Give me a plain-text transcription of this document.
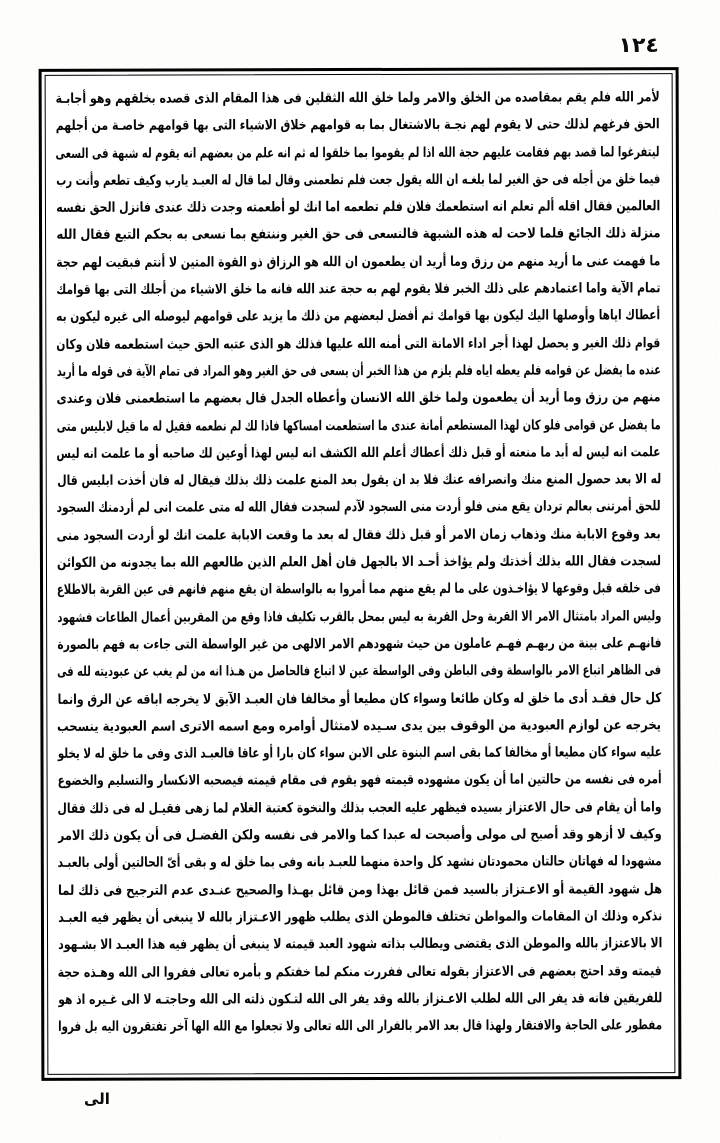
١٢٤
لأمر الله فلم يقم بمقاصده من الخلق والامر ولما خلق الله الثقلين فى هذا المقام الذى قصده بخلقهم وهو أجابـة
الحق فرغهم لذلك حتى لا يقوم لهم نجـة بالاشتغال بما به قوامهم خلاق الاشياء التى بها قوامهم خاصـة من أجلهم
ليتفرغوا لما قصد بهم فقامت عليهم حجة الله اذا لم يقوموا بما خلقوا له ثم انه علم من بعضهم انه يقوم له شبهة فى السعى
فيما خلق من أجله فى حق الغير لما بلغـه ان الله يقول جعت فلم تطعمنى وقال لما قال له العبـد يارب وكيف تطعم وأنت رب
العالمين فقال اقله ألم تعلم انه استطعمك فلان فلم تطعمه اما انك لو أطعمته وجدت ذلك عندى فانزل الحق نفسه
منزلة ذلك الجائع فلما لاحت له هذه الشبهة فالنسعى فى حق الغير وننتفع بما نسعى به بحكم التبع فقال الله
ما فهمت عنى ما أريد منهم من رزق وما أريد ان يطعمون ان الله هو الرزاق ذو القوة المتين لا أنتم فبقيت لهم حجة
تمام الآية واما اعتمادهم على ذلك الخبر فلا يقوم لهم به حجة عند الله فانه ما خلق الاشياء من أجلك التى بها قوامك
أعطاك اياها وأوصلها اليك ليكون بها قوامك ثم أفضل لبعضهم من ذلك ما يزيد على قوامهم ليوصله الى غيره ليكون به
قوام ذلك الغير و يحصل لهذا أجر اداء الامانة التى أمنه الله عليها فذلك هو الذى عتبه الحق حيث استطعمه فلان وكان
عنده ما يفضل عن قوامه فلم يعطه اياه فلم يلزم من هذا الخبر أن يسعى فى حق الغير وهو المراد فى تمام الآية فى قوله ما أريد
منهم من رزق وما أريد أن يطعمون ولما خلق الله الانسان وأعطاه الجدل قال بعضهم ما استطعمنى فلان وعندى
ما يفضل عن قوامى فلو كان لهذا المستطعم أمانة عندى ما استطعمت امساكها فاذا لك لم نطعمه فقيل له ما قيل لابليس متى
علمت انه ليس له أبد ما منعته أو قبل ذلك أعطاك أعلم الله الكشف انه ليس لهذا أوعين لك صاحبه أو ما علمت انه ليس
له الا بعد حصول المنع منك وانصرافه عنك فلا بد ان يقول بعد المنع علمت ذلك بذلك فيقال له فان أخذت ابليس قال
للحق أمرتنى بعالم تردان يقع منى فلو أردت منى السجود لآدم لسجدت فقال الله له متى علمت انى لم أردمنك السجود
بعد وقوع الابابة منك وذهاب زمان الامر أو قبل ذلك فقال له بعد ما وقعت الابابة علمت انك لو أردت السجود منى
لسجدت فقال الله بذلك أخذتك ولم يؤاخذ أحـد الا بالجهل فان أهل العلم الذين طالعهم الله بما يجدونه من الكوائن
فى خلقه قبل وقوعها لا يؤاخـذون على ما لم يقع منهم مما أمروا به بالواسطة ان يقع منهم فانهم فى عين القربة بالاطلاع
وليس المراد بامتثال الامر الا القربة وحل القربة به ليس بمحل بالقرب تكليف فاذا وقع من المقربين أعمال الطاعات فشهود
فانهـم على بينة من ربهـم فهـم عاملون من حيث شهودهم الامر الالهى من غير الواسطة التى جاءت به فهم بالصورة
فى الظاهر اتباع الامر بالواسطة وفى الباطن وفى الواسطة عين لا اتباع فالحاصل من هـذا انه من لم يغب عن عبوديته لله فى
كل حال فقـد أدى ما خلق له وكان طائعا وسواء كان مطيعا أو مخالفا فان العبـد الآبق لا يخرجه اباقه عن الرق وانما
يخرجه عن لوازم العبودية من الوقوف بين يدى سـيده لامتثال أوامره ومع اسمه الاترى اسم العبودية ينسحب
عليه سواء كان مطيعا أو مخالفا كما بقى اسم البنوة على الابن سواء كان بارا أو عاقا فالعبـد الذى وفى ما خلق له لا يخلو
أمره فى نفسه من حالتين اما أن يكون مشهوده قيمته فهو يقوم فى مقام قيمته فيصحبه الانكسار والتسليم والخضوع
واما أن يقام فى حال الاعتزاز بسيده فيظهر عليه العجب بذلك والنخوة كعتبة الغلام لما زهى فقيـل له فى ذلك فقال
وكيف لا أزهو وقد أصبح لى مولى وأصبحت له عبدا كما والامر فى نفسه ولكن الفضـل فى أن يكون ذلك الامر
مشهودا له فهاتان حالتان محمودتان نشهد كل واحدة منهما للعبـد بانه وفى بما خلق له و بقى أىّ الحالتين أولى بالعبـد
هل شهود القيمة أو الاعـتزاز بالسيد فمن قائل بهذا ومن قائل بهـذا والصحيح عنـدى عدم الترجيح فى ذلك لما
نذكره وذلك ان المقامات والمواطن تختلف فالموطن الذى يطلب ظهور الاعـتزاز بالله لا ينبغى أن يظهر فيه العبـد
الا بالاعتزاز بالله والموطن الذى يقتضى ويطالب بذاته شهود العبد قيمته لا ينبغى أن يظهر فيه هذا العبـد الا بشـهود
قيمته وقد احتج بعضهم فى الاعتزاز بقوله تعالى ففررت منكم لما خفتكم و بأمره تعالى ففروا الى الله وهـذه حجة
للفريقين فانه قد يفر الى الله لطلب الاعـتزاز بالله وقد يفر الى الله لتـكون ذلته الى الله وحاجتـه لا الى غـيره اذ هو
مفطور على الحاجة والافتقار ولهذا قال بعد الامر بالفرار الى الله تعالى ولا تجعلوا مع الله الها آخر تفتقرون اليه بل فروا
الى
